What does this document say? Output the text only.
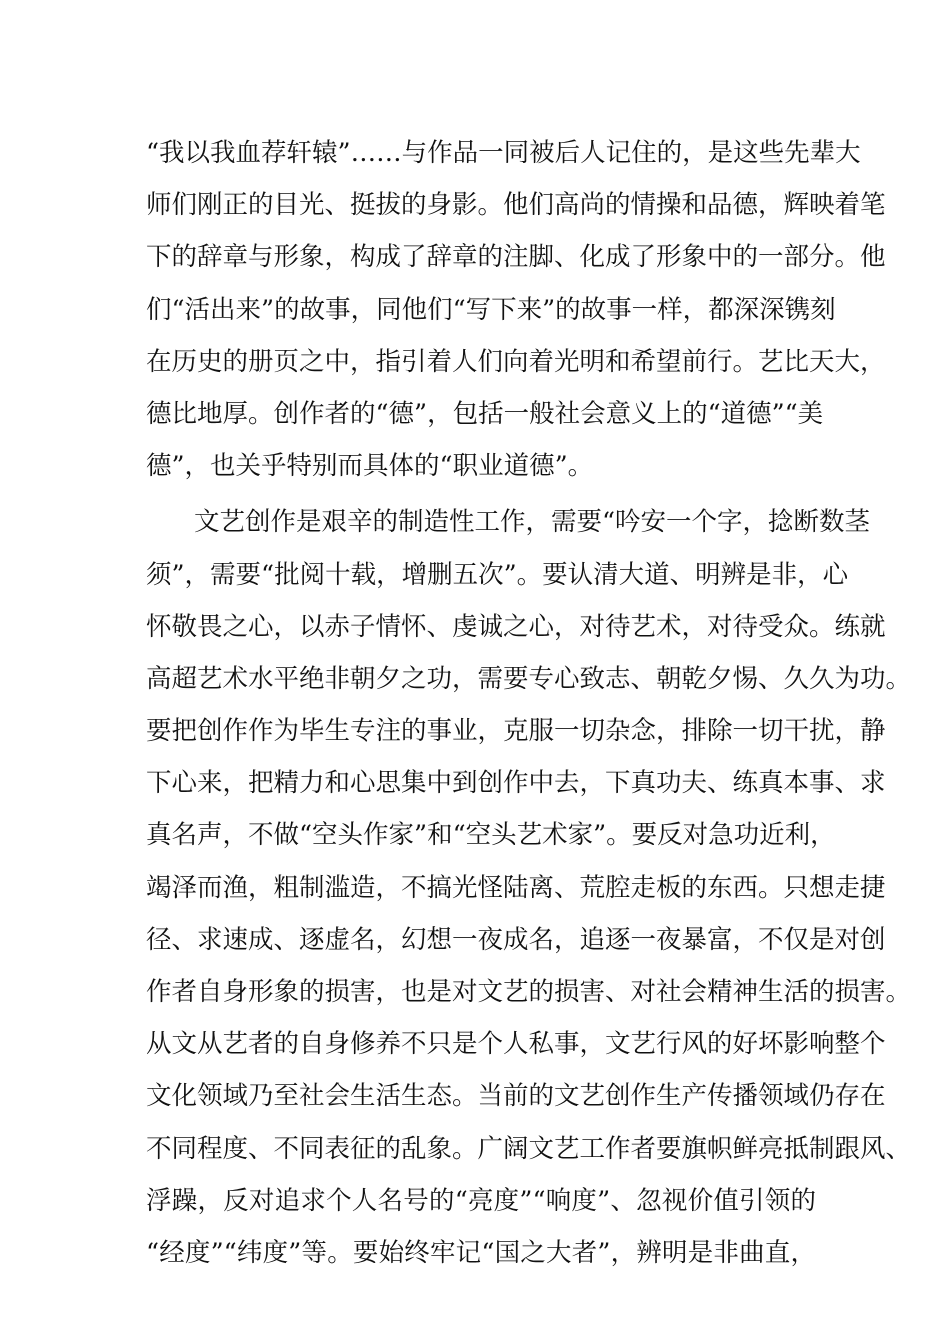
“我以我血荐轩辕”……与作品一同被后人记住的，是这些先辈大
师们刚正的目光、挺拔的身影。他们高尚的情操和品德，辉映着笔
下的辞章与形象，构成了辞章的注脚、化成了形象中的一部分。他
们“活出来”的故事，同他们“写下来”的故事一样，都深深镌刻
在历史的册页之中，指引着人们向着光明和希望前行。艺比天大，
德比地厚。创作者的“德”，包括一般社会意义上的“道德”“美
德”，也关乎特别而具体的“职业道德”。
文艺创作是艰辛的制造性工作，需要“吟安一个字，捻断数茎
须”，需要“批阅十载，增删五次”。要认清大道、明辨是非，心
怀敬畏之心，以赤子情怀、虔诚之心，对待艺术，对待受众。练就
高超艺术水平绝非朝夕之功，需要专心致志、朝乾夕惕、久久为功。
要把创作作为毕生专注的事业，克服一切杂念，排除一切干扰，静
下心来，把精力和心思集中到创作中去，下真功夫、练真本事、求
真名声，不做“空头作家”和“空头艺术家”。要反对急功近利，
竭泽而渔，粗制滥造，不搞光怪陆离、荒腔走板的东西。只想走捷
径、求速成、逐虚名，幻想一夜成名，追逐一夜暴富，不仅是对创
作者自身形象的损害，也是对文艺的损害、对社会精神生活的损害。
从文从艺者的自身修养不只是个人私事，文艺行风的好坏影响整个
文化领域乃至社会生活生态。当前的文艺创作生产传播领域仍存在
不同程度、不同表征的乱象。广阔文艺工作者要旗帜鲜亮抵制跟风、
浮躁，反对追求个人名号的“亮度”“响度”、忽视价值引领的
“经度”“纬度”等。要始终牢记“国之大者”，辨明是非曲直，
